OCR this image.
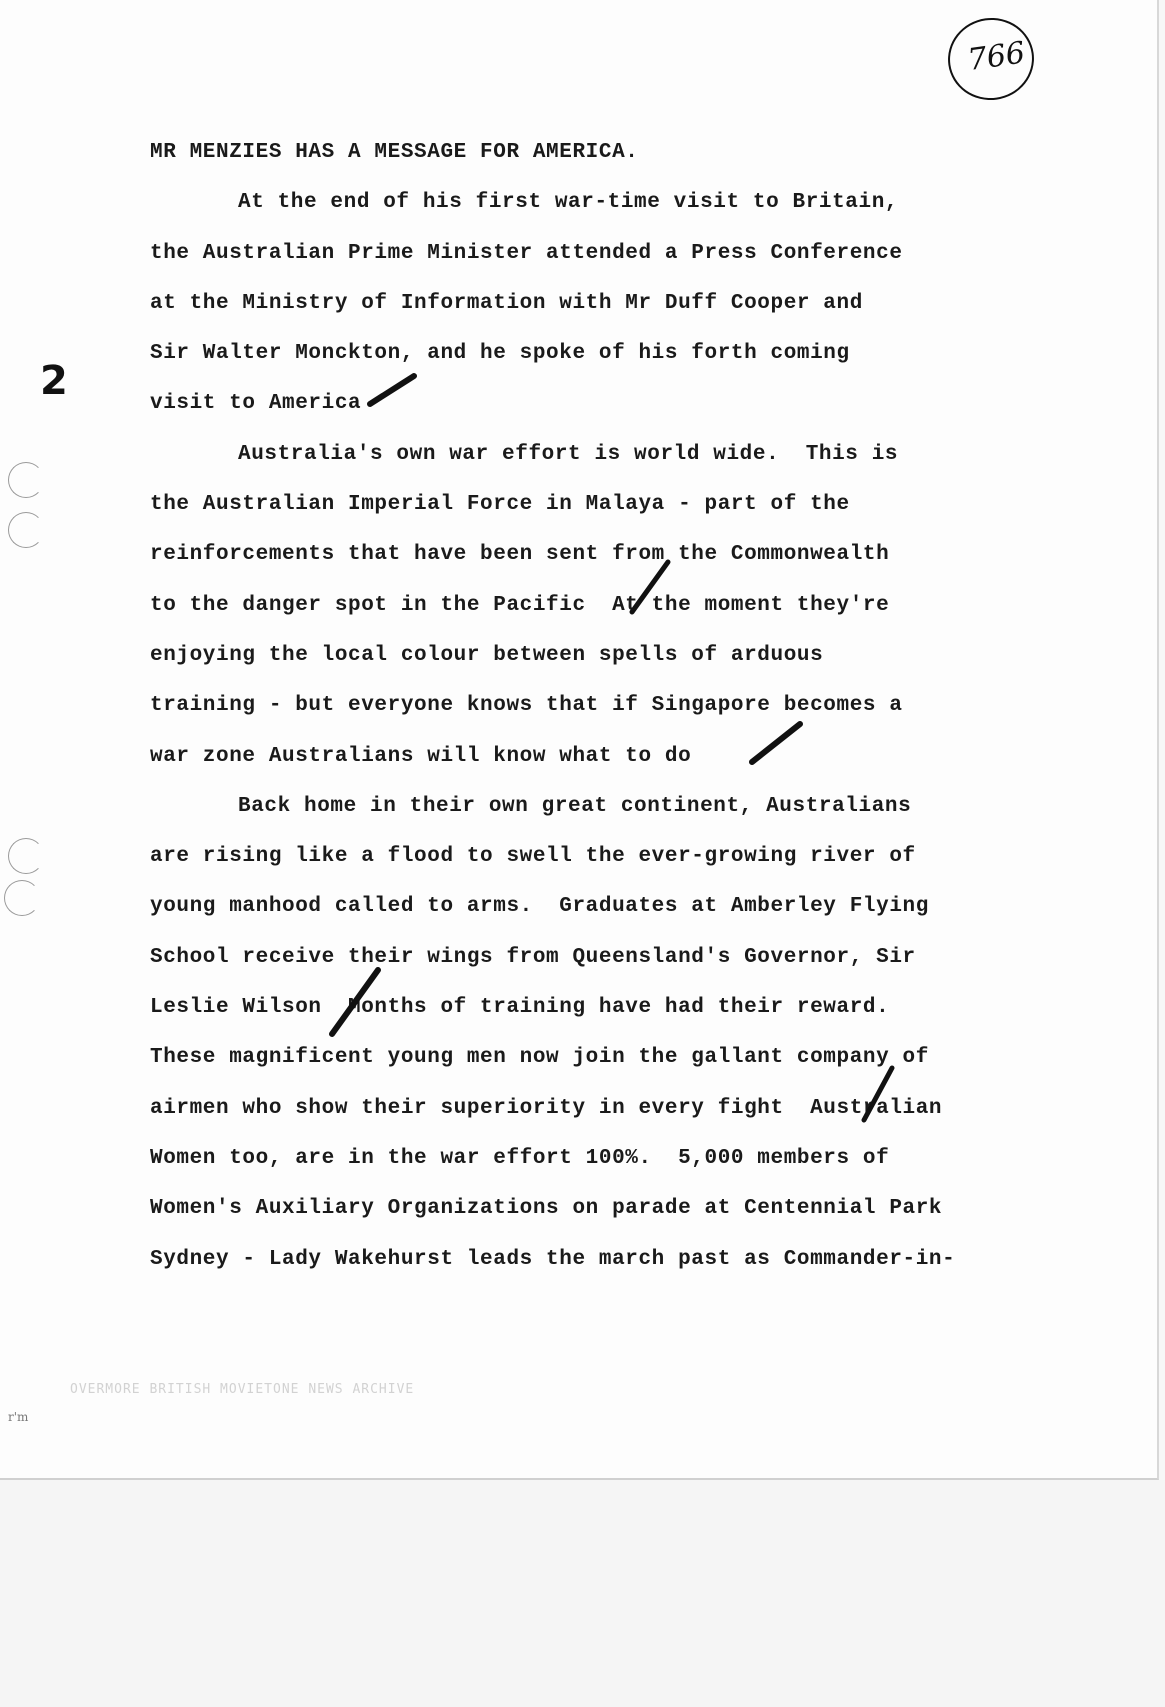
766
2
MR MENZIES HAS A MESSAGE FOR AMERICA.
At the end of his first war-time visit to Britain,
the Australian Prime Minister attended a Press Conference
at the Ministry of Information with Mr Duff Cooper and
Sir Walter Monckton, and he spoke of his forth coming
visit to America
Australia's own war effort is world wide.  This is
the Australian Imperial Force in Malaya - part of the
reinforcements that have been sent from the Commonwealth
to the danger spot in the Pacific  At the moment they're
enjoying the local colour between spells of arduous
training - but everyone knows that if Singapore becomes a
war zone Australians will know what to do
Back home in their own great continent, Australians
are rising like a flood to swell the ever-growing river of
young manhood called to arms.  Graduates at Amberley Flying
School receive their wings from Queensland's Governor, Sir
Leslie Wilson  Months of training have had their reward.
These magnificent young men now join the gallant company of
airmen who show their superiority in every fight  Australian
Women too, are in the war effort 100%.  5,000 members of
Women's Auxiliary Organizations on parade at Centennial Park
Sydney - Lady Wakehurst leads the march past as Commander-in-
OVERMORE BRITISH MOVIETONE NEWS ARCHIVE
r'm
